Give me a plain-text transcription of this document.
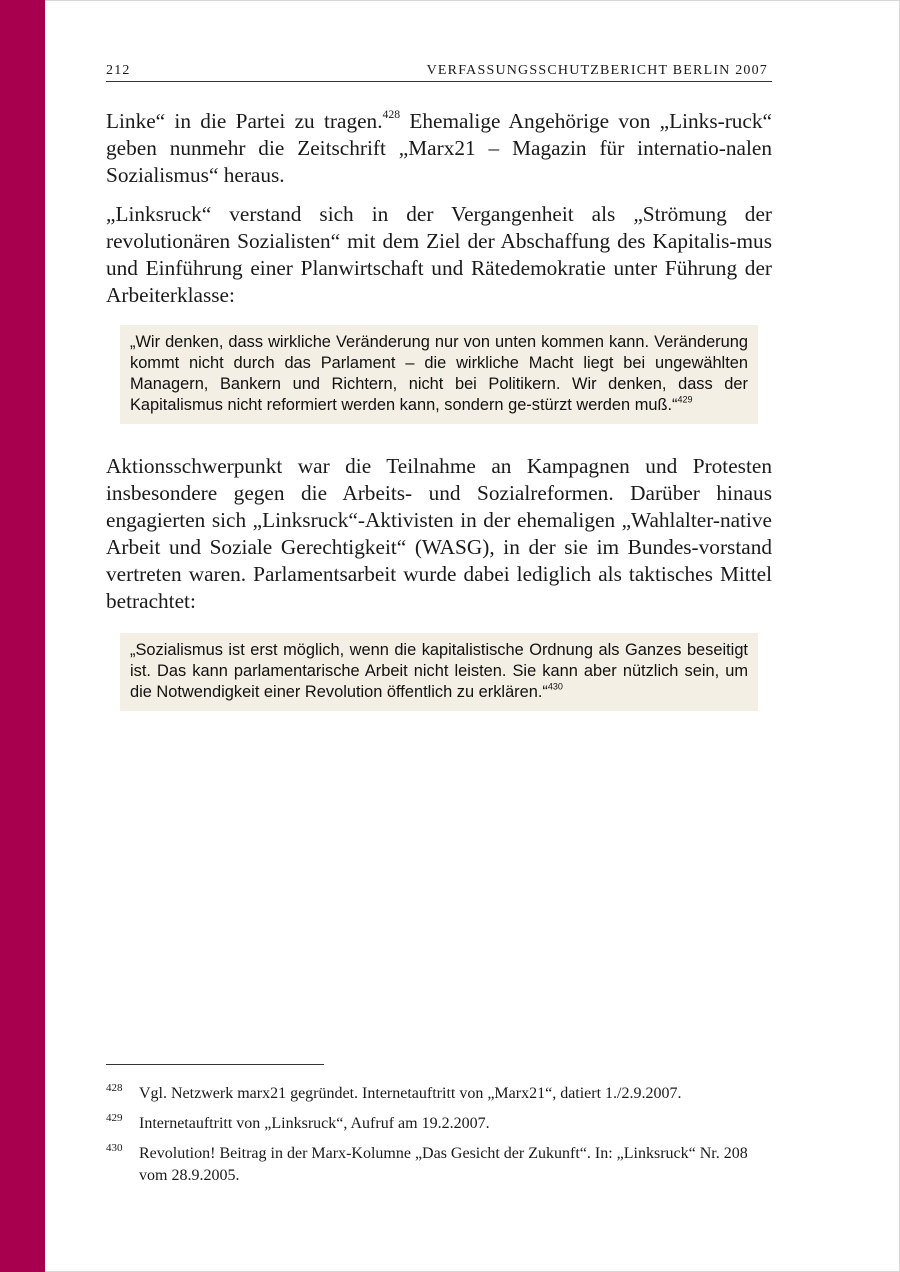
212	VERFASSUNGSSCHUTZBERICHT BERLIN 2007

Linke“ in die Partei zu tragen.$^{428}$ Ehemalige Angehörige von „Links-ruck“ geben nunmehr die Zeitschrift „Marx21 – Magazin für internatio-nalen Sozialismus“ heraus.

„Linksruck“ verstand sich in der Vergangenheit als „Strömung der revolutionären Sozialisten“ mit dem Ziel der Abschaffung des Kapitalis-mus und Einführung einer Planwirtschaft und Rätedemokratie unter Führung der Arbeiterklasse:

„Wir denken, dass wirkliche Veränderung nur von unten kommen kann. Veränderung kommt nicht durch das Parlament – die wirkliche Macht liegt bei ungewählten Managern, Bankern und Richtern, nicht bei Politikern. Wir denken, dass der Kapitalismus nicht reformiert werden kann, sondern ge-stürzt werden muß.“$^{429}$

Aktionsschwerpunkt war die Teilnahme an Kampagnen und Protesten insbesondere gegen die Arbeits- und Sozialreformen. Darüber hinaus engagierten sich „Linksruck“-Aktivisten in der ehemaligen „Wahlalter-native Arbeit und Soziale Gerechtigkeit“ (WASG), in der sie im Bundes-vorstand vertreten waren. Parlamentsarbeit wurde dabei lediglich als taktisches Mittel betrachtet:

„Sozialismus ist erst möglich, wenn die kapitalistische Ordnung als Ganzes beseitigt ist. Das kann parlamentarische Arbeit nicht leisten. Sie kann aber nützlich sein, um die Notwendigkeit einer Revolution öffentlich zu erklären.“$^{430}$

428 Vgl. Netzwerk marx21 gegründet. Internetauftritt von „Marx21“, datiert 1./2.9.2007.
429 Internetauftritt von „Linksruck“, Aufruf am 19.2.2007.
430 Revolution! Beitrag in der Marx-Kolumne „Das Gesicht der Zukunft“. In: „Linksruck“ Nr. 208 vom 28.9.2005.
